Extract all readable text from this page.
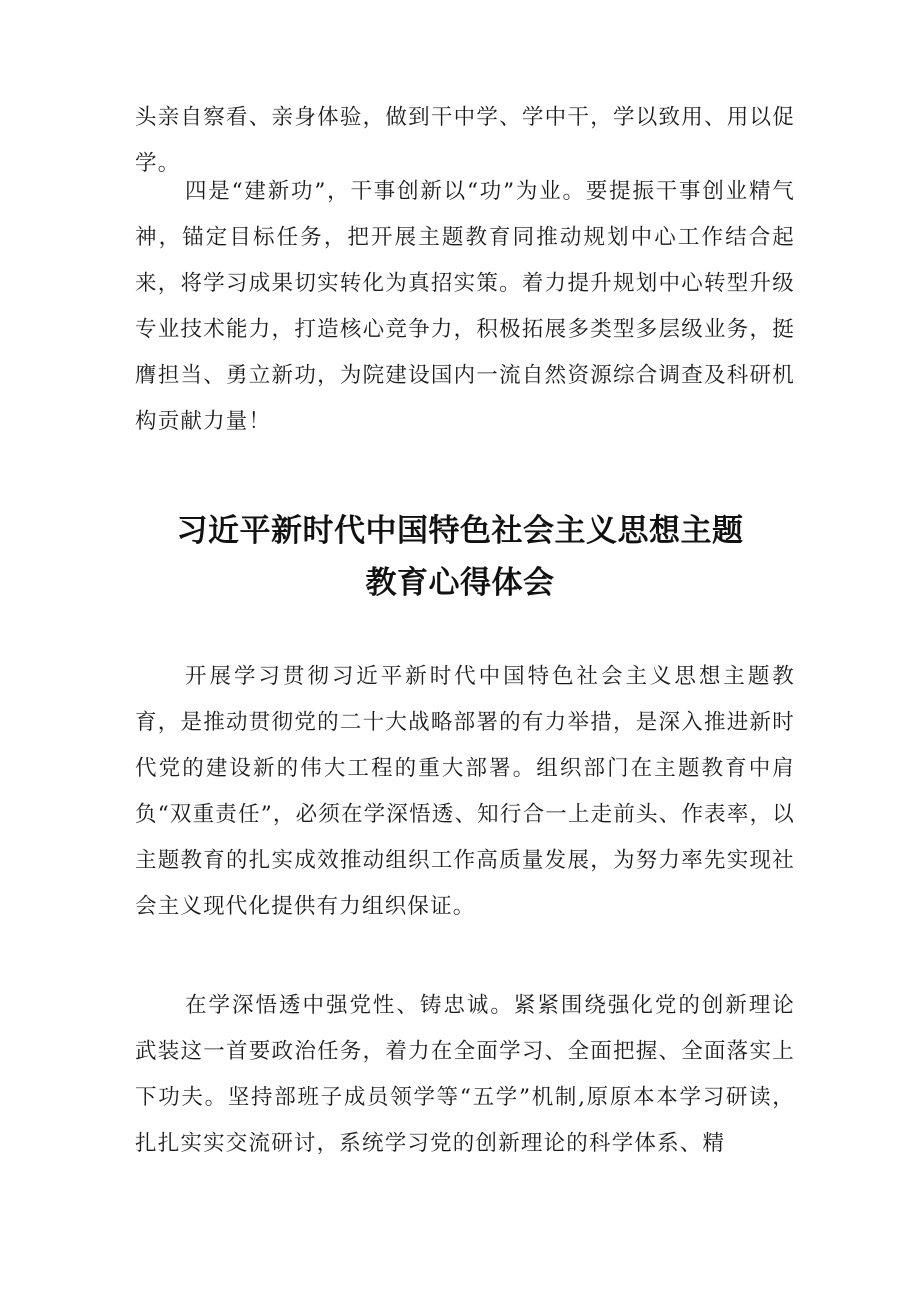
头亲自察看、亲身体验，做到干中学、学中干，学以致用、用以促学。

四是“建新功”，干事创新以“功”为业。要提振干事创业精气神，锚定目标任务，把开展主题教育同推动规划中心工作结合起来，将学习成果切实转化为真招实策。着力提升规划中心转型升级专业技术能力，打造核心竞争力，积极拓展多类型多层级业务，挺膺担当、勇立新功，为院建设国内一流自然资源综合调查及科研机构贡献力量！

习近平新时代中国特色社会主义思想主题
教育心得体会

开展学习贯彻习近平新时代中国特色社会主义思想主题教育，是推动贯彻党的二十大战略部署的有力举措，是深入推进新时代党的建设新的伟大工程的重大部署。组织部门在主题教育中肩负“双重责任”，必须在学深悟透、知行合一上走前头、作表率，以主题教育的扎实成效推动组织工作高质量发展，为努力率先实现社会主义现代化提供有力组织保证。

在学深悟透中强党性、铸忠诚。紧紧围绕强化党的创新理论武装这一首要政治任务，着力在全面学习、全面把握、全面落实上下功夫。坚持部班子成员领学等“五学”机制,原原本本学习研读，扎扎实实交流研讨，系统学习党的创新理论的科学体系、精
